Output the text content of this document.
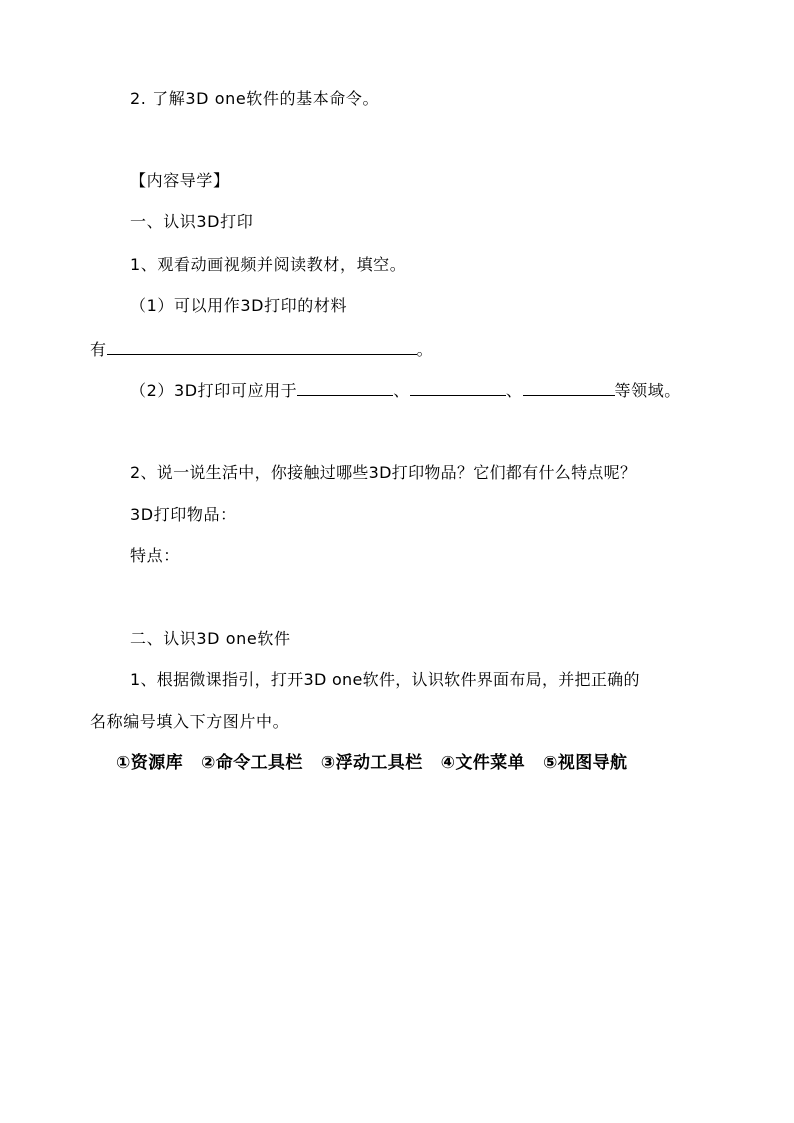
2. 了解3D one软件的基本命令。
【内容导学】
一、认识3D打印
1、观看动画视频并阅读教材，填空。
（1）可以用作3D打印的材料
有	。
（2）3D打印可应用于	、	、	等领域。
2、说一说生活中，你接触过哪些3D打印物品？它们都有什么特点呢？
3D打印物品：
特点：
二、认识3D one软件
1、根据微课指引，打开3D one软件，认识软件界面布局，并把正确的
名称编号填入下方图片中。
①资源库 ②命令工具栏 ③浮动工具栏 ④文件菜单 ⑤视图导航
